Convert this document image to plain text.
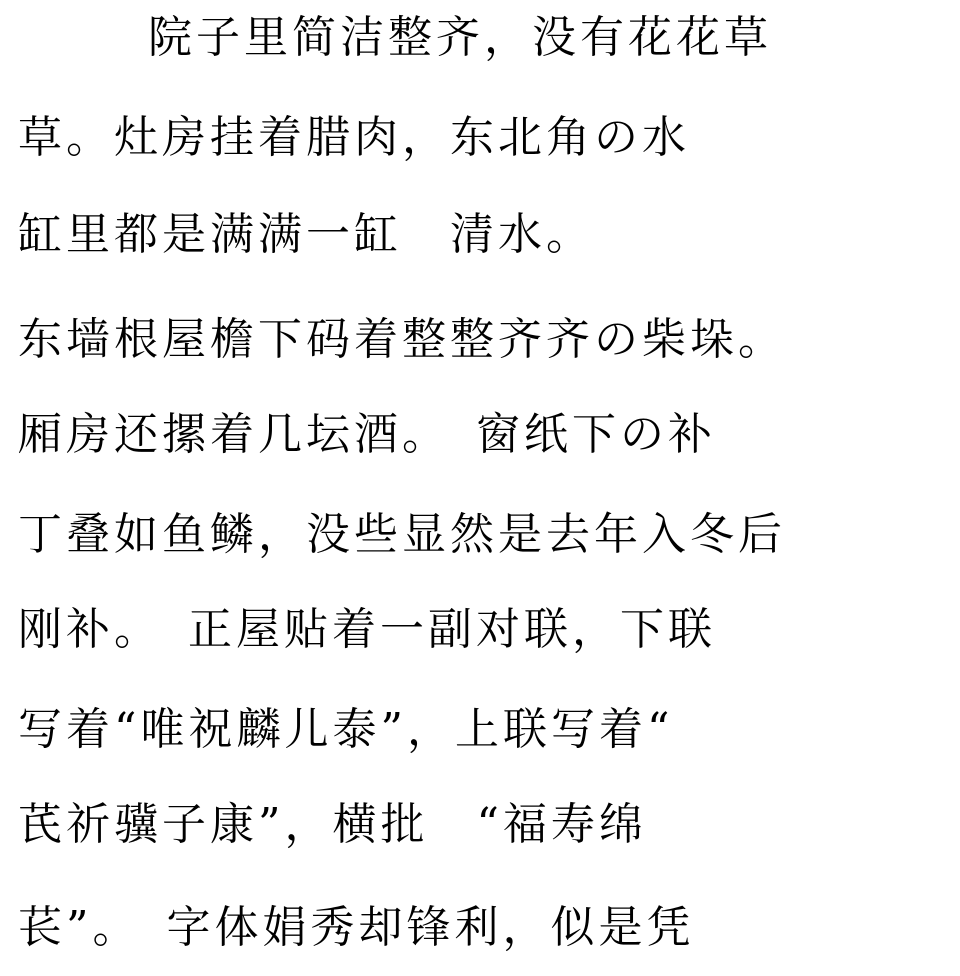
院子里简洁整齐，没有花花草
草。灶房挂着腊肉，东北角の水
缸里都是满满一缸　清水。
东墙根屋檐下码着整整齐齐の柴垛。
厢房还摞着几坛酒。　窗纸下の补
丁叠如鱼鳞，没些显然是去年入冬后
刚补。　正屋贴着一副对联，下联
写着“唯祝麟儿泰”，上联写着“
芪祈骥子康”，横批　“福寿绵
苌”。　字体娟秀却锋利，似是凭
